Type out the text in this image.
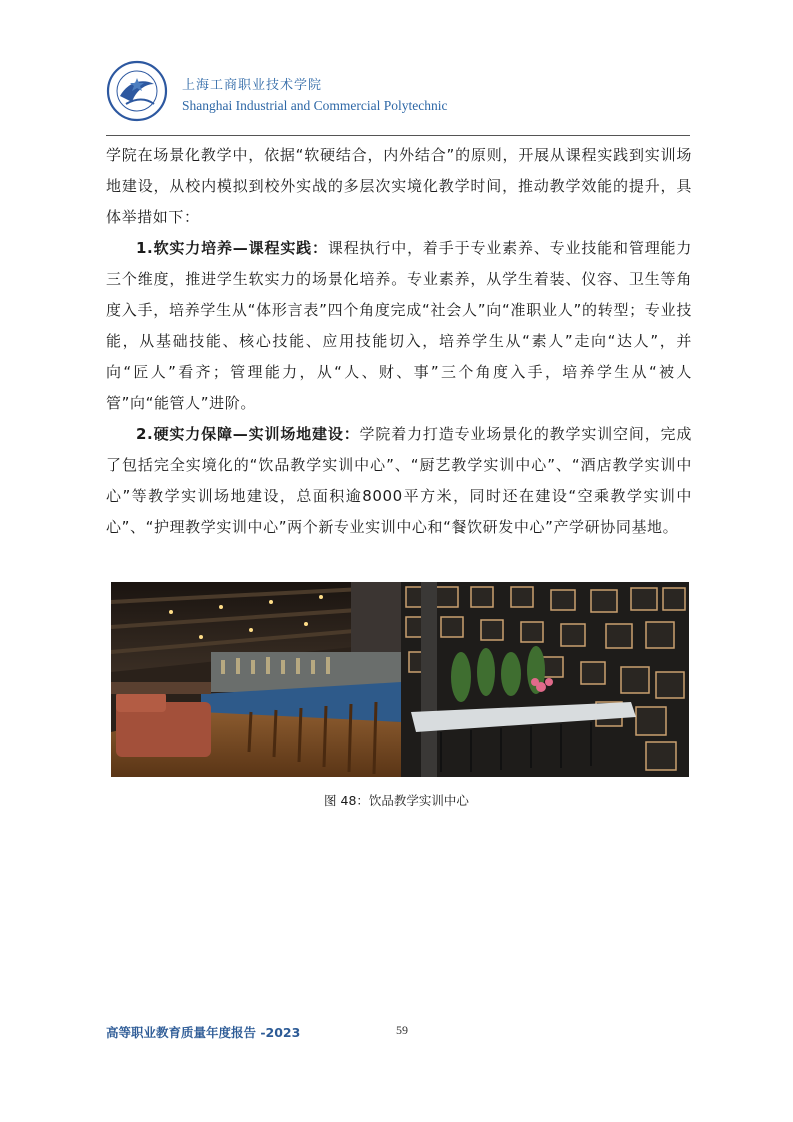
上海工商职业技术学院
Shanghai Industrial and Commercial Polytechnic

学院在场景化教学中，依据“软硬结合，内外结合”的原则，开展从课程实践到实训场地建设，从校内模拟到校外实战的多层次实境化教学时间，推动教学效能的提升，具体举措如下：

1.软实力培养—课程实践：课程执行中，着手于专业素养、专业技能和管理能力三个维度，推进学生软实力的场景化培养。专业素养，从学生着装、仪容、卫生等角度入手，培养学生从“体形言表”四个角度完成“社会人”向“准职业人”的转型；专业技能，从基础技能、核心技能、应用技能切入，培养学生从“素人”走向“达人”，并向“匠人”看齐；管理能力，从“人、财、事”三个角度入手，培养学生从“被人管”向“能管人”进阶。

2.硬实力保障—实训场地建设：学院着力打造专业场景化的教学实训空间，完成了包括完全实境化的“饮品教学实训中心”、“厨艺教学实训中心”、“酒店教学实训中心”等教学实训场地建设，总面积逾8000平方米，同时还在建设“空乘教学实训中心”、“护理教学实训中心”两个新专业实训中心和“餐饮研发中心”产学研协同基地。

图 48：饮品教学实训中心
高等职业教育质量年度报告 -2023	59
